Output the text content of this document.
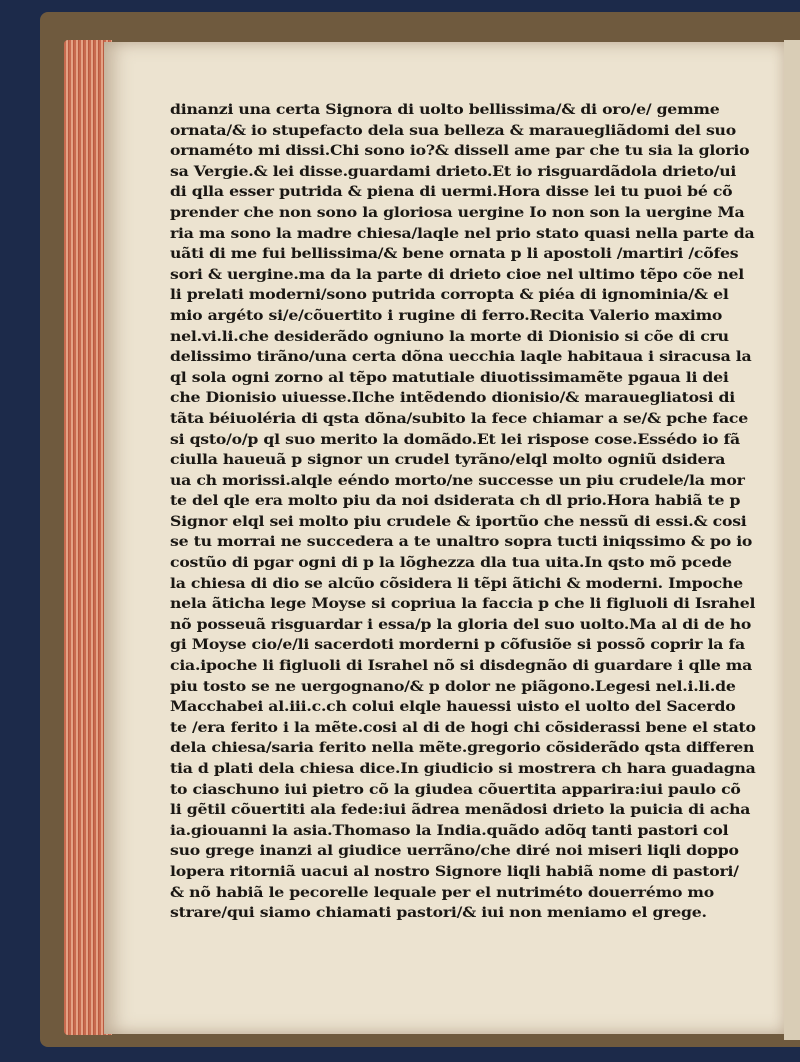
dinanzi una certa Signora di uolto bellissima/& di oro/e/ gemme
ornata/& io stupefacto dela sua belleza & marauegliãdomi del suo
ornaméto mi dissi.Chi sono io?& dissell ame par che tu sia la glorio
sa Vergie.& lei disse.guardami drieto.Et io risguardãdola drieto/ui
di qlla esser putrida & piena di uermi.Hora disse lei tu puoi bé cõ
prender che non sono la gloriosa uergine Io non son la uergine Ma
ria ma sono la madre chiesa/laqle nel prio stato quasi nella parte da
uãti di me fui bellissima/& bene ornata p li apostoli /martiri /cõfes
sori & uergine.ma da la parte di drieto cioe nel ultimo tẽpo cõe nel
li prelati moderni/sono putrida corropta & piéa di ignominia/& el
mio argéto si/e/cõuertito i rugine di ferro.Recita Valerio maximo
nel.vi.li.che desiderãdo ogniuno la morte di Dionisio si cõe di cru
delissimo tirãno/una certa dõna uecchia laqle habitaua i siracusa la
ql sola ogni zorno al tẽpo matutiale diuotissimamẽte pgaua li dei
che Dionisio uiuesse.Ilche intẽdendo dionisio/& marauegliatosi di
tãta béiuoléria di qsta dõna/subito la fece chiamar a se/& pche face
si qsto/o/p ql suo merito la domãdo.Et lei rispose cose.Essédo io fã
ciulla haueuã p signor un crudel tyrãno/elql molto ogniũ dsidera
ua ch morissi.alqle eéndo morto/ne successe un piu crudele/la mor
te del qle era molto piu da noi dsiderata ch dl prio.Hora habiã te p
Signor elql sei molto piu crudele & iportũo che nessũ di essi.& cosi
se tu morrai ne succedera a te unaltro sopra tucti iniqssimo & po io
costũo di pgar ogni di p la lõghezza dla tua uita.In qsto mõ pcede
la chiesa di dio se alcũo cõsidera li tẽpi ãtichi & moderni. Impoche
nela ãticha lege Moyse si copriua la faccia p che li figluoli di Israhel
nõ posseuã risguardar i essa/p la gloria del suo uolto.Ma al di de ho
gi Moyse cio/e/li sacerdoti morderni p cõfusiõe si possõ coprir la fa
cia.ipoche li figluoli di Israhel nõ si disdegnão di guardare i qlle ma
piu tosto se ne uergognano/& p dolor ne piãgono.Legesi nel.i.li.de
Macchabei al.iii.c.ch colui elqle hauessi uisto el uolto del Sacerdo
te /era ferito i la mẽte.cosi al di de hogi chi cõsiderassi bene el stato
dela chiesa/saria ferito nella mẽte.gregorio cõsiderãdo qsta differen
tia d plati dela chiesa dice.In giudicio si mostrera ch hara guadagna
to ciaschuno iui pietro cõ la giudea cõuertita apparira:iui paulo cõ
li gẽtil cõuertiti ala fede:iui ãdrea menãdosi drieto la puicia di acha
ia.giouanni la asia.Thomaso la India.quãdo adõq tanti pastori col
suo grege inanzi al giudice uerrãno/che diré noi miseri liqli doppo
lopera ritorniã uacui al nostro Signore liqli habiã nome di pastori/
& nõ habiã le pecorelle lequale per el nutriméto douerrémo mo
strare/qui siamo chiamati pastori/& iui non meniamo el grege.
